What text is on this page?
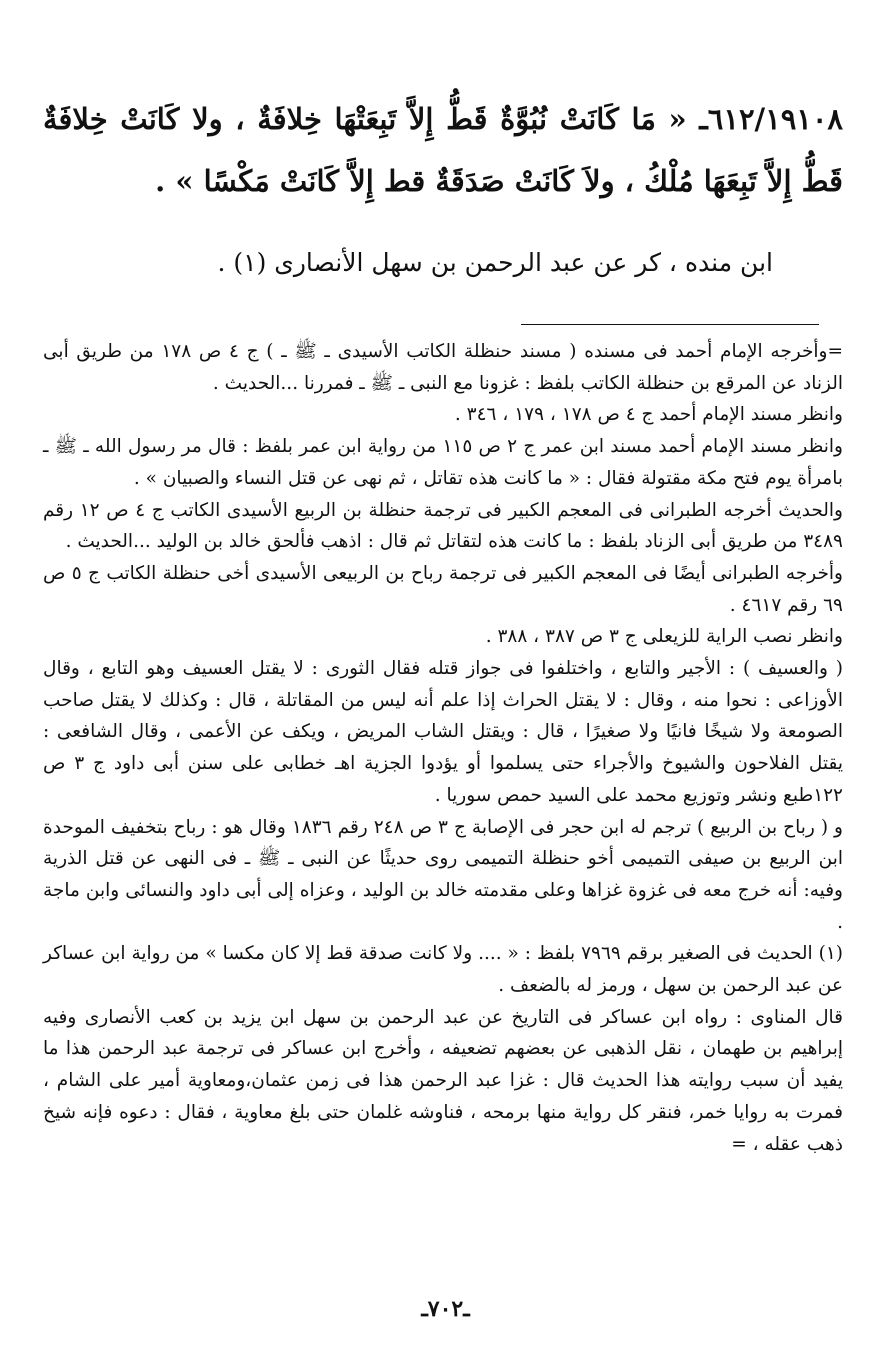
٦١٢/١٩١٠٨ـ « مَا كَانَتْ نُبُوَّةٌ قَطُّ إِلاَّ تَبِعَتْهَا خِلافَةٌ ، ولا كَانَتْ خِلافَةٌ قَطُّ إِلاَّ تَبِعَهَا مُلْكُ ، ولاَ كَانَتْ صَدَقَةٌ قط إِلاَّ كَانَتْ مَكْسًا » .
ابن منده ، كر عن عبد الرحمن بن سهل الأنصارى (١) .

=وأخرجه الإمام أحمد فى مسنده ( مسند حنظلة الكاتب الأسيدى ـ ﷺ ـ ) ج ٤ ص ١٧٨ من طريق أبى الزناد عن المرقع بن حنظلة الكاتب بلفظ : غزونا مع النبى ـ ﷺ ـ فمررنا ...الحديث .

وانظر مسند الإمام أحمد ج ٤ ص ١٧٨ ، ١٧٩ ، ٣٤٦ .

وانظر مسند الإمام أحمد مسند ابن عمر ج ٢ ص ١١٥ من رواية ابن عمر بلفظ : قال مر رسول الله ـ ﷺ ـ بامرأة يوم فتح مكة مقتولة فقال : « ما كانت هذه تقاتل ، ثم نهى عن قتل النساء والصبيان » .

والحديث أخرجه الطبرانى فى المعجم الكبير فى ترجمة حنظلة بن الربيع الأسيدى الكاتب ج ٤ ص ١٢ رقم ٣٤٨٩ من طريق أبى الزناد بلفظ : ما كانت هذه لتقاتل ثم قال : اذهب فألحق خالد بن الوليد ...الحديث .

وأخرجه الطبرانى أيضًا فى المعجم الكبير فى ترجمة رباح بن الربيعى الأسيدى أخى حنظلة الكاتب ج ٥ ص ٦٩ رقم ٤٦١٧ .

وانظر نصب الراية للزيعلى ج ٣ ص ٣٨٧ ، ٣٨٨ .

( والعسيف ) : الأجير والتابع ، واختلفوا فى جواز قتله فقال الثورى : لا يقتل العسيف وهو التابع ، وقال الأوزاعى : نحوا منه ، وقال : لا يقتل الحراث إذا علم أنه ليس من المقاتلة ، قال : وكذلك لا يقتل صاحب الصومعة ولا شيخًا فانيًا ولا صغيرًا ، قال : ويقتل الشاب المريض ، ويكف عن الأعمى ، وقال الشافعى : يقتل الفلاحون والشيوخ والأجراء حتى يسلموا أو يؤدوا الجزية اهـ خطابى على سنن أبى داود ج ٣ ص ١٢٢طبع ونشر وتوزيع محمد على السيد حمص سوريا .

و ( رباح بن الربيع ) ترجم له ابن حجر فى الإصابة ج ٣ ص ٢٤٨ رقم ١٨٣٦ وقال هو : رباح بتخفيف الموحدة ابن الربيع بن صيفى التميمى أخو حنظلة التميمى روى حديثًا عن النبى ـ ﷺ ـ فى النهى عن قتل الذرية وفيه: أنه خرج معه فى غزوة غزاها وعلى مقدمته خالد بن الوليد ، وعزاه إلى أبى داود والنسائى وابن ماجة .

(١) الحديث فى الصغير برقم ٧٩٦٩ بلفظ : « .... ولا كانت صدقة قط إلا كان مكسا » من رواية ابن عساكر عن عبد الرحمن بن سهل ، ورمز له بالضعف .

قال المناوى : رواه ابن عساكر فى التاريخ عن عبد الرحمن بن سهل ابن يزيد بن كعب الأنصارى وفيه إبراهيم بن طهمان ، نقل الذهبى عن بعضهم تضعيفه ، وأخرج ابن عساكر فى ترجمة عبد الرحمن هذا ما يفيد أن سبب روايته هذا الحديث قال : غزا عبد الرحمن هذا فى زمن عثمان،ومعاوية أمير على الشام ، فمرت به روايا خمر، فنقر كل رواية منها برمحه ، فناوشه غلمان حتى بلغ معاوية ، فقال : دعوه فإنه شيخ ذهب عقله ، =

ـ٧٠٢ـ
